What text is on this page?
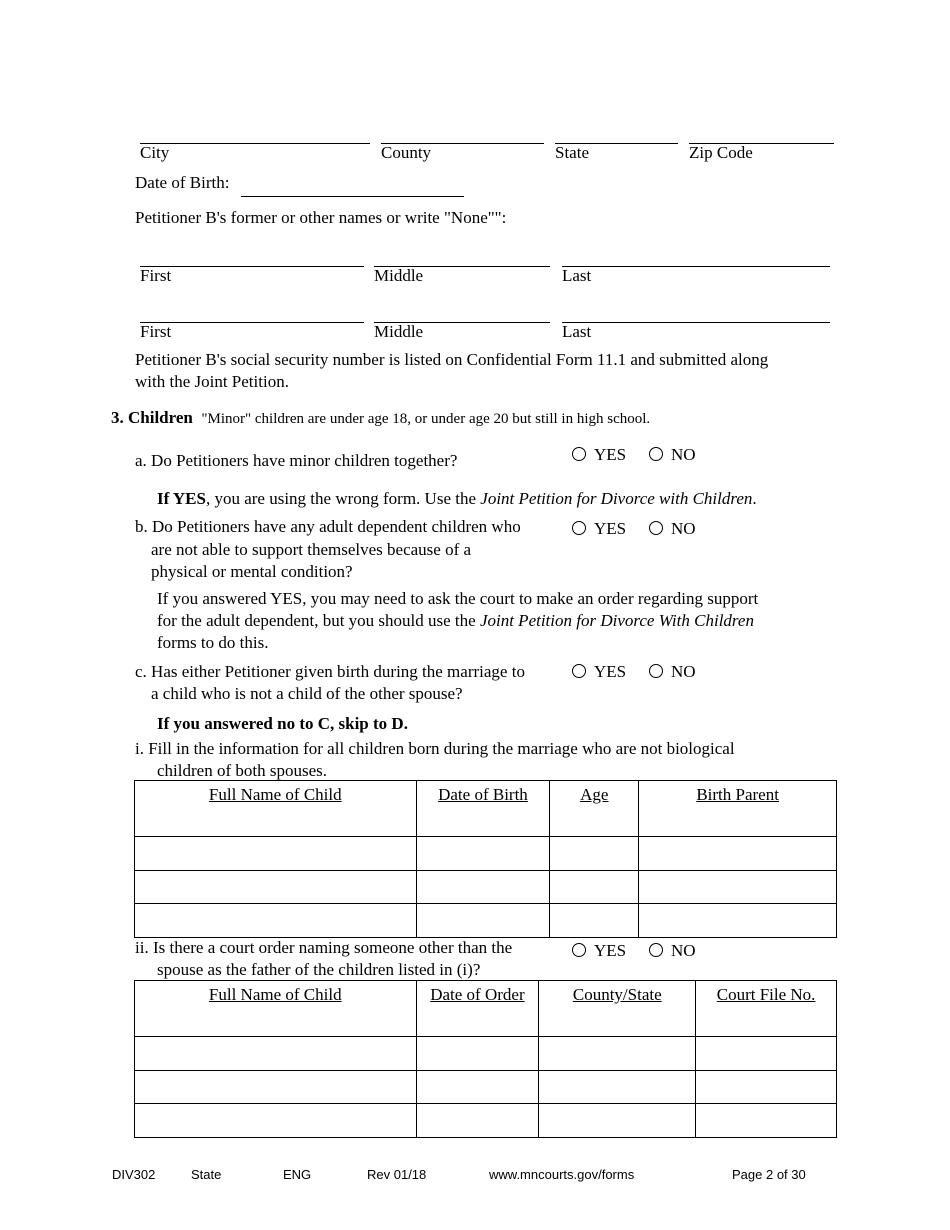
City	County	State	Zip Code
Date of Birth:
Petitioner B's former or other names or write "None"":
First	Middle	Last
First	Middle	Last
Petitioner B's social security number is listed on Confidential Form 11.1 and submitted along
with the Joint Petition.
3. Children "Minor" children are under age 18, or under age 20 but still in high school.
a. Do Petitioners have minor children together?	YES	NO
If YES, you are using the wrong form. Use the Joint Petition for Divorce with Children.
b. Do Petitioners have any adult dependent children who
are not able to support themselves because of a
physical or mental condition?
YES	NO
If you answered YES, you may need to ask the court to make an order regarding support
for the adult dependent, but you should use the Joint Petition for Divorce With Children
forms to do this.
c. Has either Petitioner given birth during the marriage to
a child who is not a child of the other spouse?
YES	NO
If you answered no to C, skip to D.
i. Fill in the information for all children born during the marriage who are not biological
children of both spouses.
Full Name of Child	Date of Birth	Age	Birth Parent

ii. Is there a court order naming someone other than the
spouse as the father of the children listed in (i)?
YES	NO
Full Name of Child	Date of Order	County/State	Court File No.

DIV302	State	ENG	Rev 01/18	www.mncourts.gov/forms	Page 2 of 30
